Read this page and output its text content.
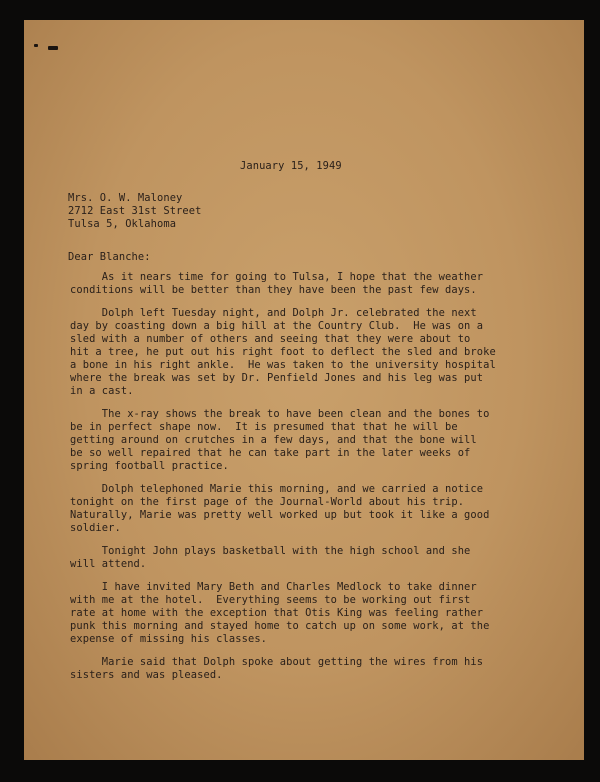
January 15, 1949

Mrs. O. W. Maloney
2712 East 31st Street
Tulsa 5, Oklahoma

Dear Blanche:

As it nears time for going to Tulsa, I hope that the weather
conditions will be better than they have been the past few days.
Dolph left Tuesday night, and Dolph Jr. celebrated the next
day by coasting down a big hill at the Country Club.  He was on a
sled with a number of others and seeing that they were about to
hit a tree, he put out his right foot to deflect the sled and broke
a bone in his right ankle.  He was taken to the university hospital
where the break was set by Dr. Penfield Jones and his leg was put
in a cast.
The x-ray shows the break to have been clean and the bones to
be in perfect shape now.  It is presumed that that he will be
getting around on crutches in a few days, and that the bone will
be so well repaired that he can take part in the later weeks of
spring football practice.
Dolph telephoned Marie this morning, and we carried a notice
tonight on the first page of the Journal-World about his trip.
Naturally, Marie was pretty well worked up but took it like a good
soldier.
Tonight John plays basketball with the high school and she
will attend.
I have invited Mary Beth and Charles Medlock to take dinner
with me at the hotel.  Everything seems to be working out first
rate at home with the exception that Otis King was feeling rather
punk this morning and stayed home to catch up on some work, at the
expense of missing his classes.
Marie said that Dolph spoke about getting the wires from his
sisters and was pleased.
